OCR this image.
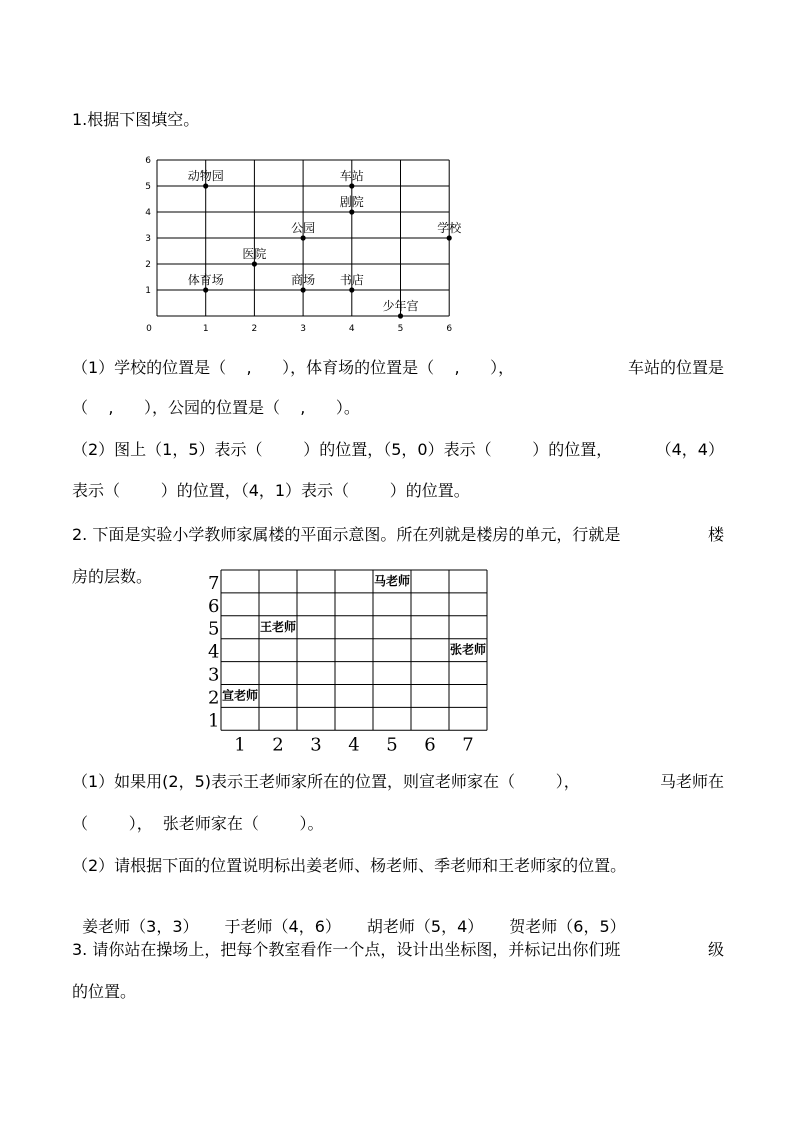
1.根据下图填空。
0	1	2	3	4	5	6
1
2
3
4
5
6
动物园	车站
剧院
公园	学校
医院
体育场	商场 书店
少年宫
（1）学校的位置是（    ,      ），体育场的位置是（    ,      ），	车站的位置是
（    ,      ），公园的位置是（    ,      ）。
（2）图上（1，5）表示（        ）的位置，（5，0）表示（        ）的位置，	（4，4）
表示（        ）的位置，（4，1）表示（        ）的位置。
2. 下面是实验小学教师家属楼的平面示意图。所在列就是楼房的单元，行就是	楼
房的层数。	7
6
5
4
3
2
1
1 2 3 4 5 6 7
马老师
王老师
张老师
宣老师
（1）如果用(2，5)表示王老师家所在的位置，则宣老师家在（        ），	马老师在
（        ），  张老师家在（        ）。
（2）请根据下面的位置说明标出姜老师、杨老师、季老师和王老师家的位置。

姜老师（3，3） 于老师（4，6） 胡老师（5，4） 贺老师（6，5）

3. 请你站在操场上，把每个教室看作一个点，设计出坐标图，并标记出你们班	级
的位置。
